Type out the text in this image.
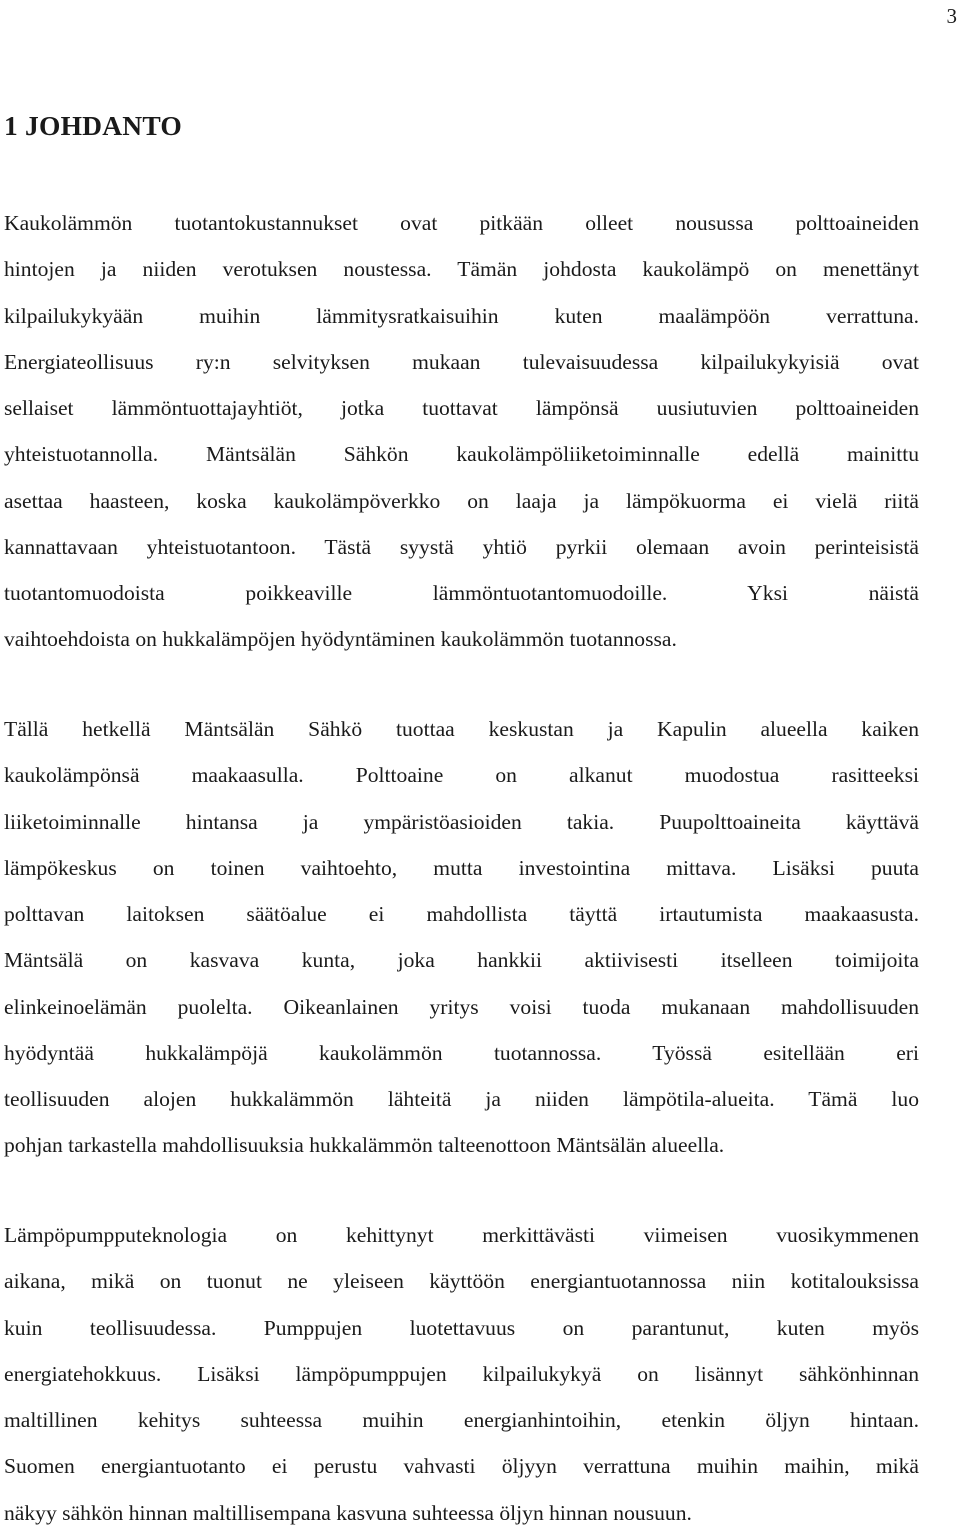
3
1 JOHDANTO
Kaukolämmön tuotantokustannukset ovat pitkään olleet nousussa polttoaineiden
hintojen ja niiden verotuksen noustessa. Tämän johdosta kaukolämpö on menettänyt
kilpailukykyään muihin lämmitysratkaisuihin kuten maalämpöön verrattuna.
Energiateollisuus ry:n selvityksen mukaan tulevaisuudessa kilpailukykyisiä ovat
sellaiset lämmöntuottajayhtiöt, jotka tuottavat lämpönsä uusiutuvien polttoaineiden
yhteistuotannolla. Mäntsälän Sähkön kaukolämpöliiketoiminnalle edellä mainittu
asettaa haasteen, koska kaukolämpöverkko on laaja ja lämpökuorma ei vielä riitä
kannattavaan yhteistuotantoon. Tästä syystä yhtiö pyrkii olemaan avoin perinteisistä
tuotantomuodoista poikkeaville lämmöntuotantomuodoille. Yksi näistä
vaihtoehdoista on hukkalämpöjen hyödyntäminen kaukolämmön tuotannossa.
Tällä hetkellä Mäntsälän Sähkö tuottaa keskustan ja Kapulin alueella kaiken
kaukolämpönsä maakaasulla. Polttoaine on alkanut muodostua rasitteeksi
liiketoiminnalle hintansa ja ympäristöasioiden takia. Puupolttoaineita käyttävä
lämpökeskus on toinen vaihtoehto, mutta investointina mittava. Lisäksi puuta
polttavan laitoksen säätöalue ei mahdollista täyttä irtautumista maakaasusta.
Mäntsälä on kasvava kunta, joka hankkii aktiivisesti itselleen toimijoita
elinkeinoelämän puolelta. Oikeanlainen yritys voisi tuoda mukanaan mahdollisuuden
hyödyntää hukkalämpöjä kaukolämmön tuotannossa. Työssä esitellään eri
teollisuuden alojen hukkalämmön lähteitä ja niiden lämpötila-alueita. Tämä luo
pohjan tarkastella mahdollisuuksia hukkalämmön talteenottoon Mäntsälän alueella.
Lämpöpumpputeknologia on kehittynyt merkittävästi viimeisen vuosikymmenen
aikana, mikä on tuonut ne yleiseen käyttöön energiantuotannossa niin kotitalouksissa
kuin teollisuudessa. Pumppujen luotettavuus on parantunut, kuten myös
energiatehokkuus. Lisäksi lämpöpumppujen kilpailukykyä on lisännyt sähkönhinnan
maltillinen kehitys suhteessa muihin energianhintoihin, etenkin öljyn hintaan.
Suomen energiantuotanto ei perustu vahvasti öljyyn verrattuna muihin maihin, mikä
näkyy sähkön hinnan maltillisempana kasvuna suhteessa öljyn hinnan nousuun.
